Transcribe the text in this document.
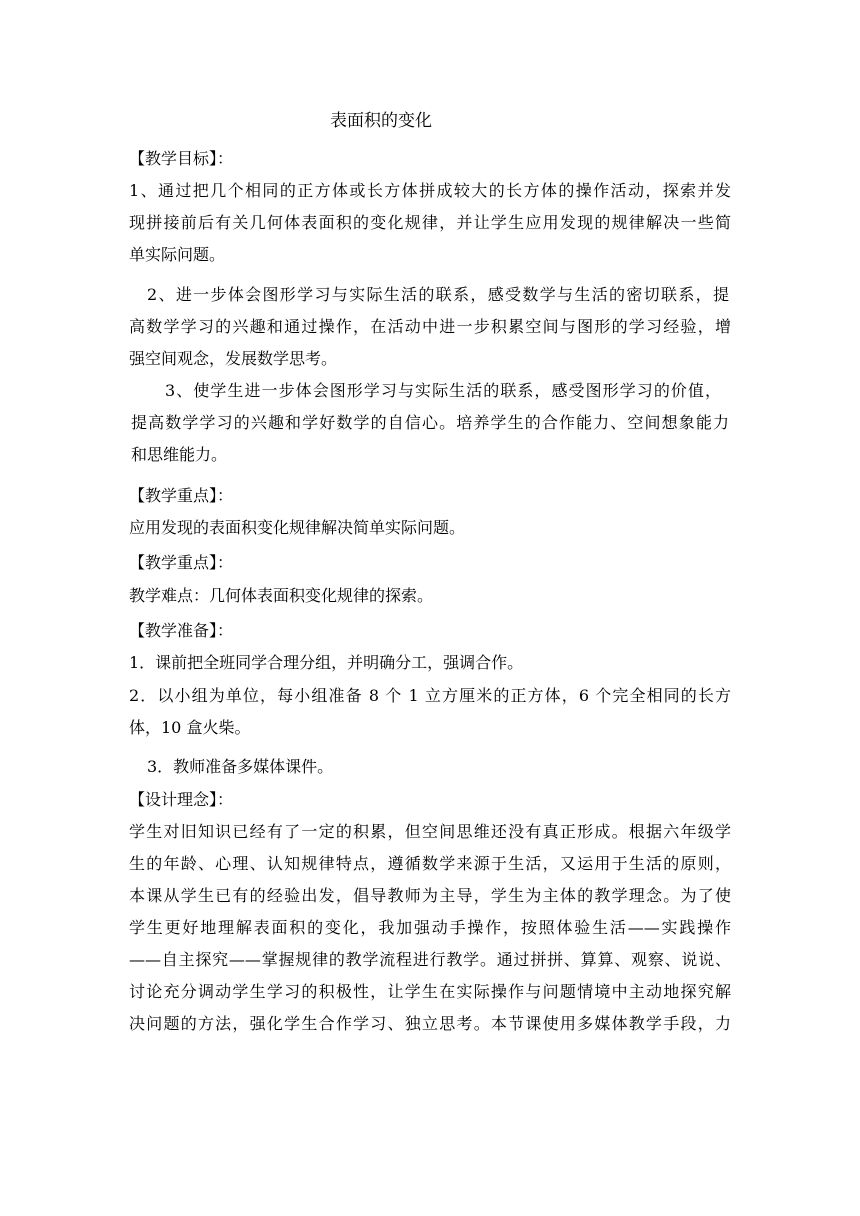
表面积的变化
【教学目标】：
1、通过把几个相同的正方体或长方体拼成较大的长方体的操作活动，探索并发
现拼接前后有关几何体表面积的变化规律，并让学生应用发现的规律解决一些简
单实际问题。
2、进一步体会图形学习与实际生活的联系，感受数学与生活的密切联系，提
高数学学习的兴趣和通过操作，在活动中进一步积累空间与图形的学习经验，增
强空间观念，发展数学思考。
3、使学生进一步体会图形学习与实际生活的联系，感受图形学习的价值，
提高数学学习的兴趣和学好数学的自信心。培养学生的合作能力、空间想象能力
和思维能力。
【教学重点】：
应用发现的表面积变化规律解决简单实际问题。
【教学重点】：
教学难点：几何体表面积变化规律的探索。
【教学准备】：
1．课前把全班同学合理分组，并明确分工，强调合作。
2．以小组为单位，每小组准备 8 个 1 立方厘米的正方体，6 个完全相同的长方
体，10 盒火柴。
3．教师准备多媒体课件。
【设计理念】：
学生对旧知识已经有了一定的积累，但空间思维还没有真正形成。根据六年级学
生的年龄、心理、认知规律特点，遵循数学来源于生活，又运用于生活的原则，
本课从学生已有的经验出发，倡导教师为主导，学生为主体的教学理念。为了使
学生更好地理解表面积的变化，我加强动手操作，按照体验生活——实践操作
——自主探究——掌握规律的教学流程进行教学。通过拼拼、算算、观察、说说、
讨论充分调动学生学习的积极性，让学生在实际操作与问题情境中主动地探究解
决问题的方法，强化学生合作学习、独立思考。本节课使用多媒体教学手段，力
